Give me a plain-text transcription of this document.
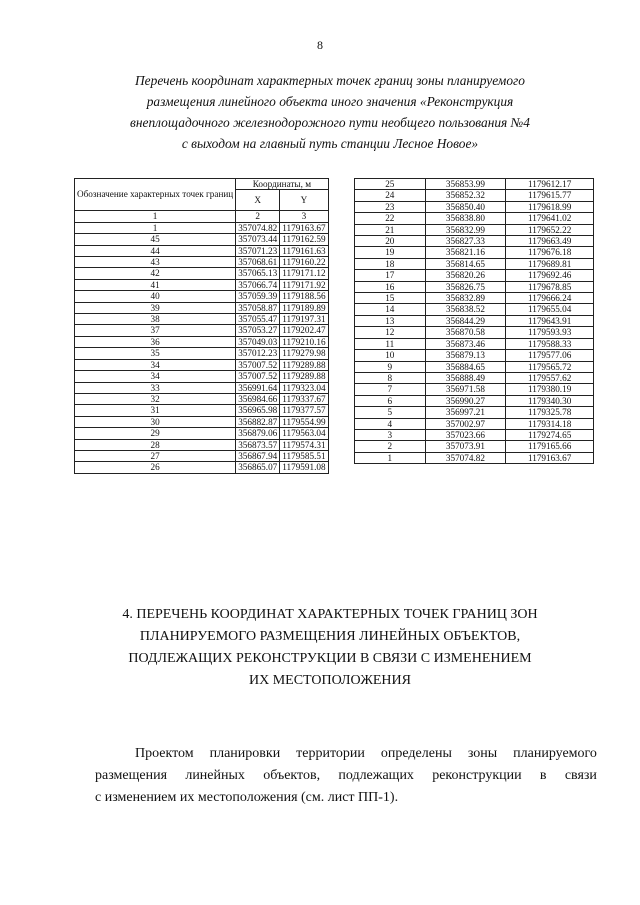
8
Перечень координат характерных точек границ зоны планируемого
размещения линейного объекта иного значения «Реконструкция
внеплощадочного железнодорожного пути необщего пользования №4
с выходом на главный путь станции Лесное Новое»
Обозначение характерных точек границ	Координаты, м	
	X	Y
1	2	3
1	357074.82	1179163.67
45	357073.44	1179162.59
44	357071.23	1179161.63
43	357068.61	1179160.22
42	357065.13	1179171.12
41	357066.74	1179171.92
40	357059.39	1179188.56
39	357058.87	1179189.89
38	357055.47	1179197.31
37	357053.27	1179202.47
36	357049.03	1179210.16
35	357012.23	1179279.98
34	357007.52	1179289.88
34	357007.52	1179289.88
33	356991.64	1179323.04
32	356984.66	1179337.67
31	356965.98	1179377.57
30	356882.87	1179554.99
29	356879.06	1179563.04
28	356873.57	1179574.31
27	356867.94	1179585.51
26	356865.07	1179591.08
25	356853.99	1179612.17
24	356852.32	1179615.77
23	356850.40	1179618.99
22	356838.80	1179641.02
21	356832.99	1179652.22
20	356827.33	1179663.49
19	356821.16	1179676.18
18	356814.65	1179689.81
17	356820.26	1179692.46
16	356826.75	1179678.85
15	356832.89	1179666.24
14	356838.52	1179655.04
13	356844.29	1179643.91
12	356870.58	1179593.93
11	356873.46	1179588.33
10	356879.13	1179577.06
9	356884.65	1179565.72
8	356888.49	1179557.62
7	356971.58	1179380.19
6	356990.27	1179340.30
5	356997.21	1179325.78
4	357002.97	1179314.18
3	357023.66	1179274.65
2	357073.91	1179165.66
1	357074.82	1179163.67
4. ПЕРЕЧЕНЬ КООРДИНАТ ХАРАКТЕРНЫХ ТОЧЕК ГРАНИЦ ЗОН
ПЛАНИРУЕМОГО РАЗМЕЩЕНИЯ ЛИНЕЙНЫХ ОБЪЕКТОВ,
ПОДЛЕЖАЩИХ РЕКОНСТРУКЦИИ В СВЯЗИ С ИЗМЕНЕНИЕМ
ИХ МЕСТОПОЛОЖЕНИЯ
Проектом планировки территории определены зоны планируемого
размещения линейных объектов, подлежащих реконструкции в связи
с изменением их местоположения (см. лист ПП-1).
